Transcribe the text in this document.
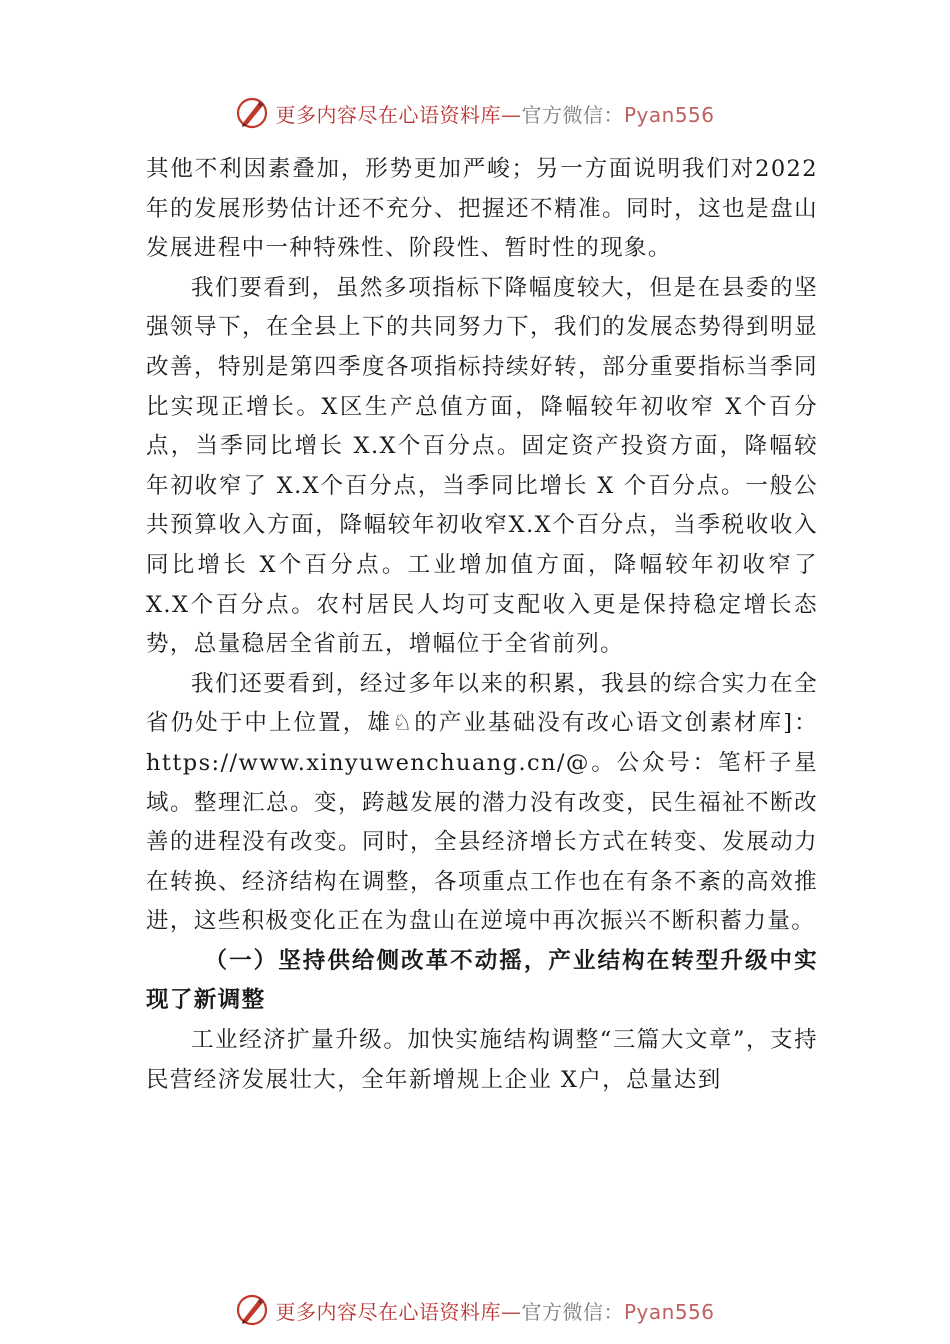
更多内容尽在心语资料库—官方微信：Pyan556

其他不利因素叠加，形势更加严峻；另一方面说明我们对2022年的发展形势估计还不充分、把握还不精准。同时，这也是盘山发展进程中一种特殊性、阶段性、暂时性的现象。

我们要看到，虽然多项指标下降幅度较大，但是在县委的坚强领导下，在全县上下的共同努力下，我们的发展态势得到明显改善，特别是第四季度各项指标持续好转，部分重要指标当季同比实现正增长。X区生产总值方面，降幅较年初收窄 X个百分点，当季同比增长 X.X个百分点。固定资产投资方面，降幅较年初收窄了 X.X个百分点，当季同比增长 X 个百分点。一般公共预算收入方面，降幅较年初收窄X.X个百分点，当季税收收入同比增长 X个百分点。工业增加值方面，降幅较年初收窄了 X.X个百分点。农村居民人均可支配收入更是保持稳定增长态势，总量稳居全省前五，增幅位于全省前列。

我们还要看到，经过多年以来的积累，我县的综合实力在全省仍处于中上位置，雄♘的产业基础没有改心语文创素材库]：https://www.xinyuwenchuang.cn/@。公众号：笔杆子星域。整理汇总。变，跨越发展的潜力没有改变，民生福祉不断改善的进程没有改变。同时，全县经济增长方式在转变、发展动力在转换、经济结构在调整，各项重点工作也在有条不紊的高效推进，这些积极变化正在为盘山在逆境中再次振兴不断积蓄力量。

（一）坚持供给侧改革不动摇，产业结构在转型升级中实现了新调整

工业经济扩量升级。加快实施结构调整“三篇大文章”，支持民营经济发展壮大，全年新增规上企业 X户，总量达到

更多内容尽在心语资料库—官方微信：Pyan556
